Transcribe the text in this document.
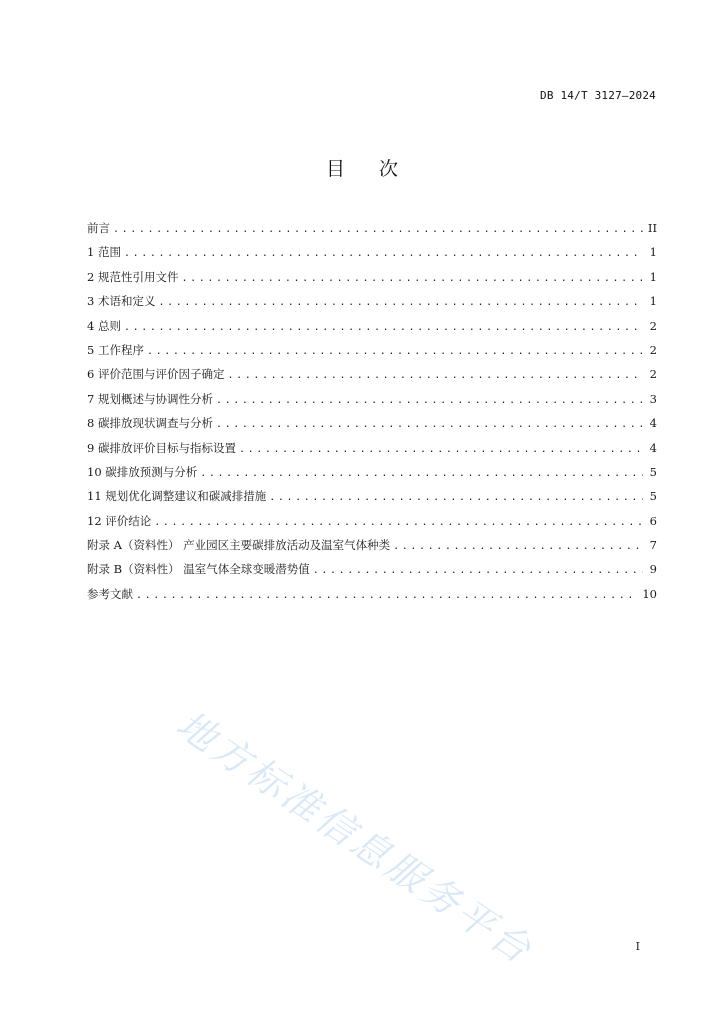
DB 14/T 3127—2024
目 次
前言 .....	II
1 范围 .....	1
2 规范性引用文件 .....	1
3 术语和定义 .....	1
4 总则 .....	2
5 工作程序 .....	2
6 评价范围与评价因子确定 .....	2
7 规划概述与协调性分析 .....	3
8 碳排放现状调查与分析 .....	4
9 碳排放评价目标与指标设置 .....	4
10 碳排放预测与分析 .....	5
11 规划优化调整建议和碳减排措施 .....	5
12 评价结论 .....	6
附录 A（资料性） 产业园区主要碳排放活动及温室气体种类 .....	7
附录 B（资料性） 温室气体全球变暖潜势值 .....	9
参考文献 .....	10
地方标准信息服务平台	I
